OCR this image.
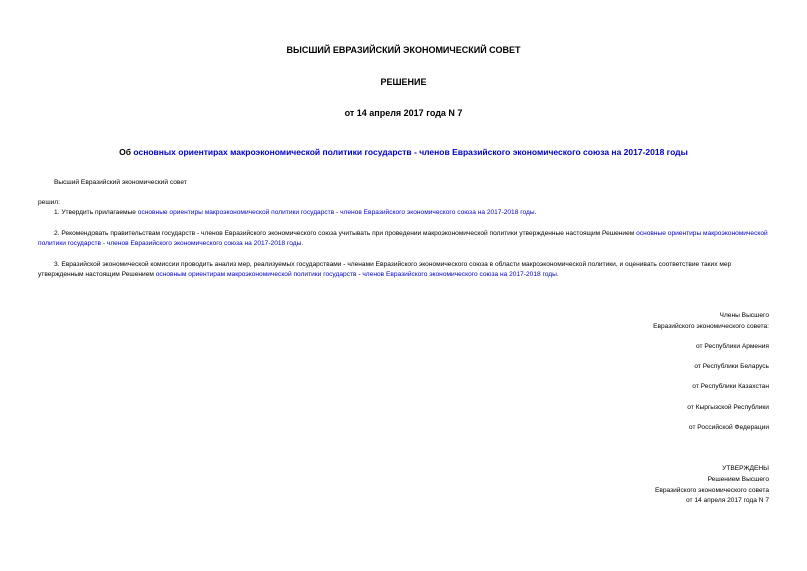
ВЫСШИЙ ЕВРАЗИЙСКИЙ ЭКОНОМИЧЕСКИЙ СОВЕТ
РЕШЕНИЕ
от 14 апреля 2017 года N 7
Об основных ориентирах макроэкономической политики государств - членов Евразийского экономического союза на 2017-2018 годы
Высший Евразийский экономический совет
решил:
1. Утвердить прилагаемые основные ориентиры макроэкономической политики государств - членов Евразийского экономического союза на 2017-2018 годы.
2. Рекомендовать правительствам государств - членов Евразийского экономического союза учитывать при проведении макроэкономической политики утвержденные настоящим Решением основные ориентиры макроэкономической политики государств - членов Евразийского экономического союза на 2017-2018 годы.
3. Евразийской экономической комиссии проводить анализ мер, реализуемых государствами - членами Евразийского экономического союза в области макроэкономической политики, и оценивать соответствие таких мер утвержденным настоящим Решением основным ориентирам макроэкономической политики государств - членов Евразийского экономического союза на 2017-2018 годы.
Члены Высшего
Евразийского экономического совета:
от Республики Армения
от Республики Беларусь
от Республики Казахстан
от Кыргызской Республики
от Российской Федерации
УТВЕРЖДЕНЫ
Решением Высшего
Евразийского экономического совета
от 14 апреля 2017 года N 7
